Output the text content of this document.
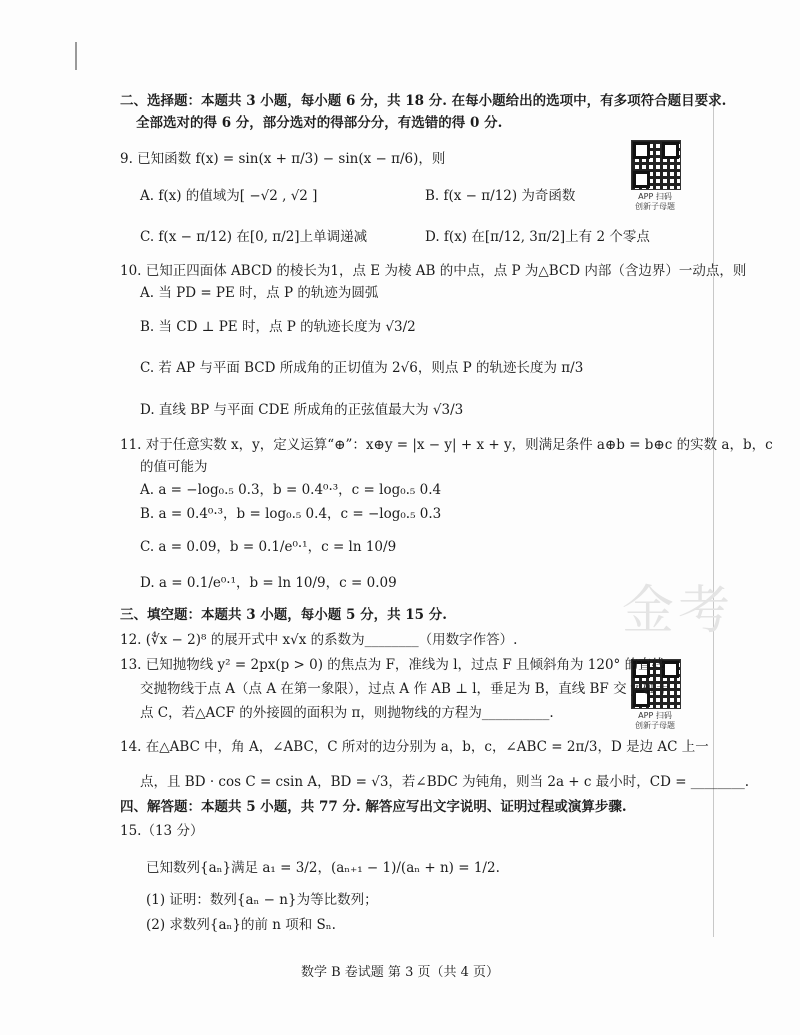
金考
APP 扫码
创新子母题
APP 扫码
创新子母题
二、选择题：本题共 3 小题，每小题 6 分，共 18 分. 在每小题给出的选项中，有多项符合题目要求.
全部选对的得 6 分，部分选对的得部分分，有选错的得 0 分.
9. 已知函数 f(x) = sin(x + π/3) − sin(x − π/6)，则
A. f(x) 的值域为[ −√2 , √2 ]	B. f(x − π/12) 为奇函数
C. f(x − π/12) 在[0, π/2]上单调递减	D. f(x) 在[π/12, 3π/2]上有 2 个零点
10. 已知正四面体 ABCD 的棱长为1，点 E 为棱 AB 的中点，点 P 为△BCD 内部（含边界）一动点，则
A. 当 PD = PE 时，点 P 的轨迹为圆弧
B. 当 CD ⊥ PE 时，点 P 的轨迹长度为 √3/2
C. 若 AP 与平面 BCD 所成角的正切值为 2√6，则点 P 的轨迹长度为 π/3
D. 直线 BP 与平面 CDE 所成角的正弦值最大为 √3/3
11. 对于任意实数 x，y，定义运算“⊕”：x⊕y = |x − y| + x + y，则满足条件 a⊕b = b⊕c 的实数 a，b，c
的值可能为
A. a = −log₀.₅ 0.3，b = 0.4⁰·³，c = log₀.₅ 0.4
B. a = 0.4⁰·³，b = log₀.₅ 0.4，c = −log₀.₅ 0.3
C. a = 0.09，b = 0.1/e⁰·¹，c = ln 10/9
D. a = 0.1/e⁰·¹，b = ln 10/9，c = 0.09
三、填空题：本题共 3 小题，每小题 5 分，共 15 分.
12. (∜x − 2)⁸ 的展开式中 x√x 的系数为________（用数字作答）.
13. 已知抛物线 y² = 2px(p > 0) 的焦点为 F，准线为 l，过点 F 且倾斜角为 120° 的直线
交抛物线于点 A（点 A 在第一象限），过点 A 作 AB ⊥ l，垂足为 B，直线 BF 交 y 轴于
点 C，若△ACF 的外接圆的面积为 π，则抛物线的方程为__________.
14. 在△ABC 中，角 A，∠ABC，C 所对的边分别为 a，b，c，∠ABC = 2π/3，D 是边 AC 上一
点，且 BD · cos C = csin A，BD = √3，若∠BDC 为钝角，则当 2a + c 最小时，CD = ________.
四、解答题：本题共 5 小题，共 77 分. 解答应写出文字说明、证明过程或演算步骤.
15.（13 分）
已知数列{aₙ}满足 a₁ = 3/2，(aₙ₊₁ − 1)/(aₙ + n) = 1/2.
(1) 证明：数列{aₙ − n}为等比数列；
(2) 求数列{aₙ}的前 n 项和 Sₙ.
数学 B 卷试题 第 3 页（共 4 页）
